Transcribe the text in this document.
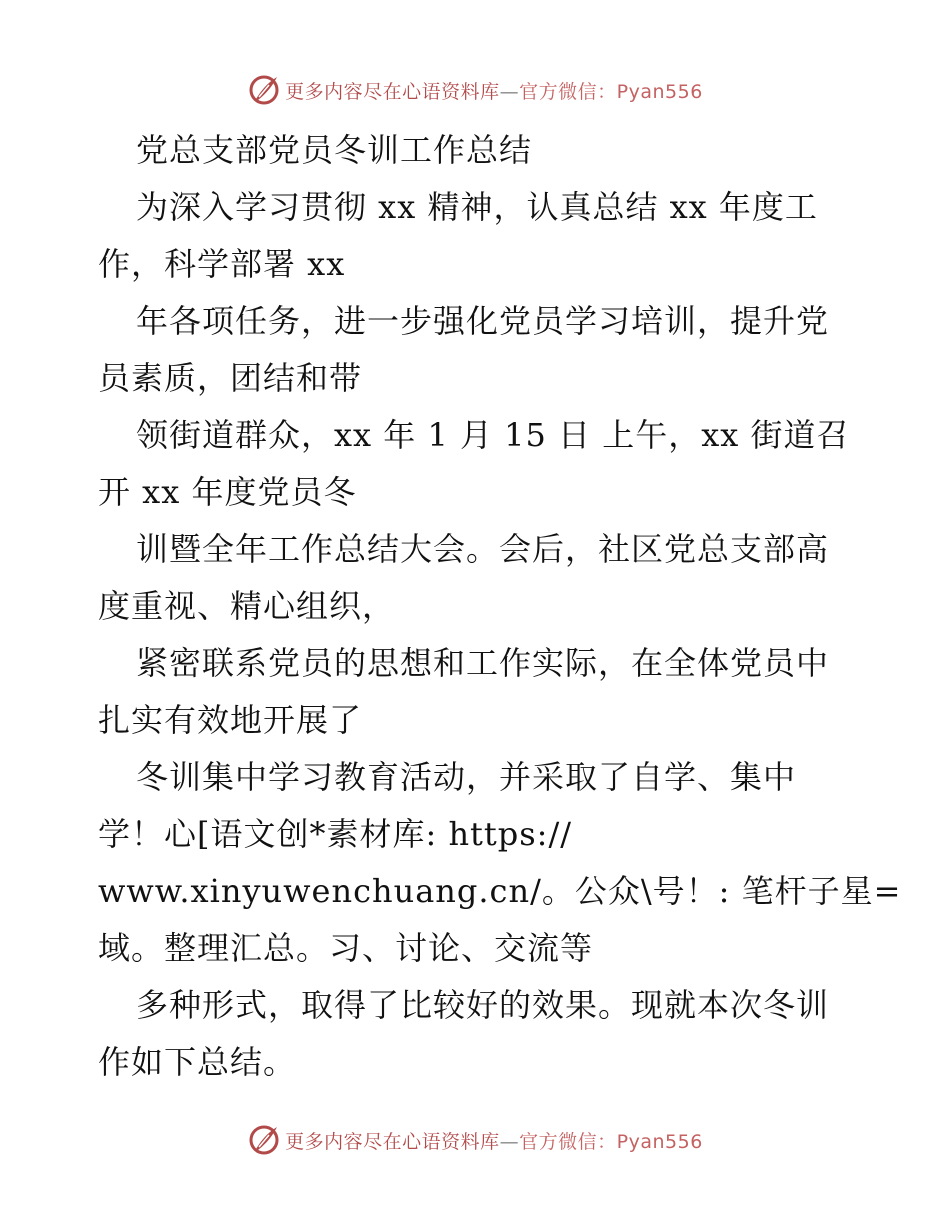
更多内容尽在心语资料库—官方微信：Pyan556
党总支部党员冬训工作总结
为深入学习贯彻 xx 精神，认真总结 xx 年度工
作，科学部署 xx
年各项任务，进一步强化党员学习培训，提升党
员素质，团结和带
领街道群众，xx 年 1 月 15 日 上午，xx 街道召
开 xx 年度党员冬
训暨全年工作总结大会。会后，社区党总支部高
度重视、精心组织，
紧密联系党员的思想和工作实际，在全体党员中
扎实有效地开展了
冬训集中学习教育活动，并采取了自学、集中
学！心[语文创*素材库: https://
www.xinyuwenchuang.cn/。公众\号！: 笔杆子星=
域。整理汇总。习、讨论、交流等
多种形式，取得了比较好的效果。现就本次冬训
作如下总结。
更多内容尽在心语资料库—官方微信：Pyan556
